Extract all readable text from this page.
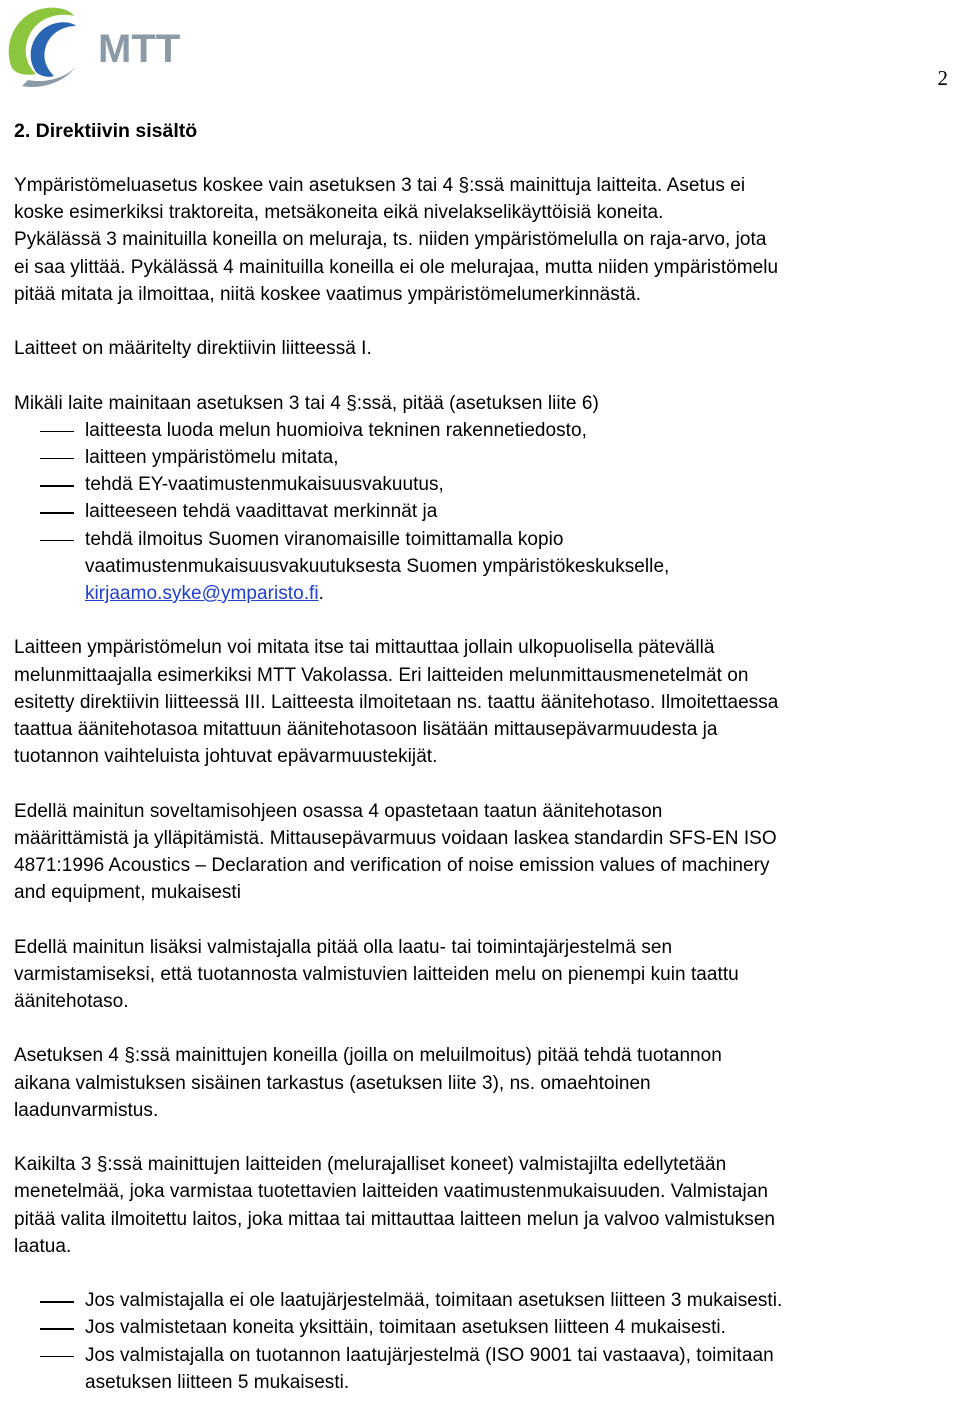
MTT
2
2. Direktiivin sisältö

Ympäristömeluasetus koskee vain asetuksen 3 tai 4 §:ssä mainittuja laitteita. Asetus ei
koske esimerkiksi traktoreita, metsäkoneita eikä nivelakselikäyttöisiä koneita.
Pykälässä 3 mainituilla koneilla on meluraja, ts. niiden ympäristömelulla on raja-arvo, jota
ei saa ylittää. Pykälässä 4 mainituilla koneilla ei ole melurajaa, mutta niiden ympäristömelu
pitää mitata ja ilmoittaa, niitä koskee vaatimus ympäristömelumerkinnästä.

Laitteet on määritelty direktiivin liitteessä I.

Mikäli laite mainitaan asetuksen 3 tai 4 §:ssä, pitää (asetuksen liite 6)

laitteesta luoda melun huomioiva tekninen rakennetiedosto,
laitteen ympäristömelu mitata,
tehdä EY-vaatimustenmukaisuusvakuutus,
laitteeseen tehdä vaadittavat merkinnät ja
tehdä ilmoitus Suomen viranomaisille toimittamalla kopio
vaatimustenmukaisuusvakuutuksesta Suomen ympäristökeskukselle,
kirjaamo.syke@ymparisto.fi.

Laitteen ympäristömelun voi mitata itse tai mittauttaa jollain ulkopuolisella pätevällä
melunmittaajalla esimerkiksi MTT Vakolassa. Eri laitteiden melunmittausmenetelmät on
esitetty direktiivin liitteessä III. Laitteesta ilmoitetaan ns. taattu äänitehotaso. Ilmoitettaessa
taattua äänitehotasoa mitattuun äänitehotasoon lisätään mittausepävarmuudesta ja
tuotannon vaihteluista johtuvat epävarmuustekijät.

Edellä mainitun soveltamisohjeen osassa 4 opastetaan taatun äänitehotason
määrittämistä ja ylläpitämistä. Mittausepävarmuus voidaan laskea standardin SFS-EN ISO
4871:1996 Acoustics – Declaration and verification of noise emission values of machinery
and equipment, mukaisesti

Edellä mainitun lisäksi valmistajalla pitää olla laatu- tai toimintajärjestelmä sen
varmistamiseksi, että tuotannosta valmistuvien laitteiden melu on pienempi kuin taattu
äänitehotaso.

Asetuksen 4 §:ssä mainittujen koneilla (joilla on meluilmoitus) pitää tehdä tuotannon
aikana valmistuksen sisäinen tarkastus (asetuksen liite 3), ns. omaehtoinen
laadunvarmistus.

Kaikilta 3 §:ssä mainittujen laitteiden (melurajalliset koneet) valmistajilta edellytetään
menetelmää, joka varmistaa tuotettavien laitteiden vaatimustenmukaisuuden. Valmistajan
pitää valita ilmoitettu laitos, joka mittaa tai mittauttaa laitteen melun ja valvoo valmistuksen
laatua.

Jos valmistajalla ei ole laatujärjestelmää, toimitaan asetuksen liitteen 3 mukaisesti.
Jos valmistetaan koneita yksittäin, toimitaan asetuksen liitteen 4 mukaisesti.
Jos valmistajalla on tuotannon laatujärjestelmä (ISO 9001 tai vastaava), toimitaan
asetuksen liitteen 5 mukaisesti.
